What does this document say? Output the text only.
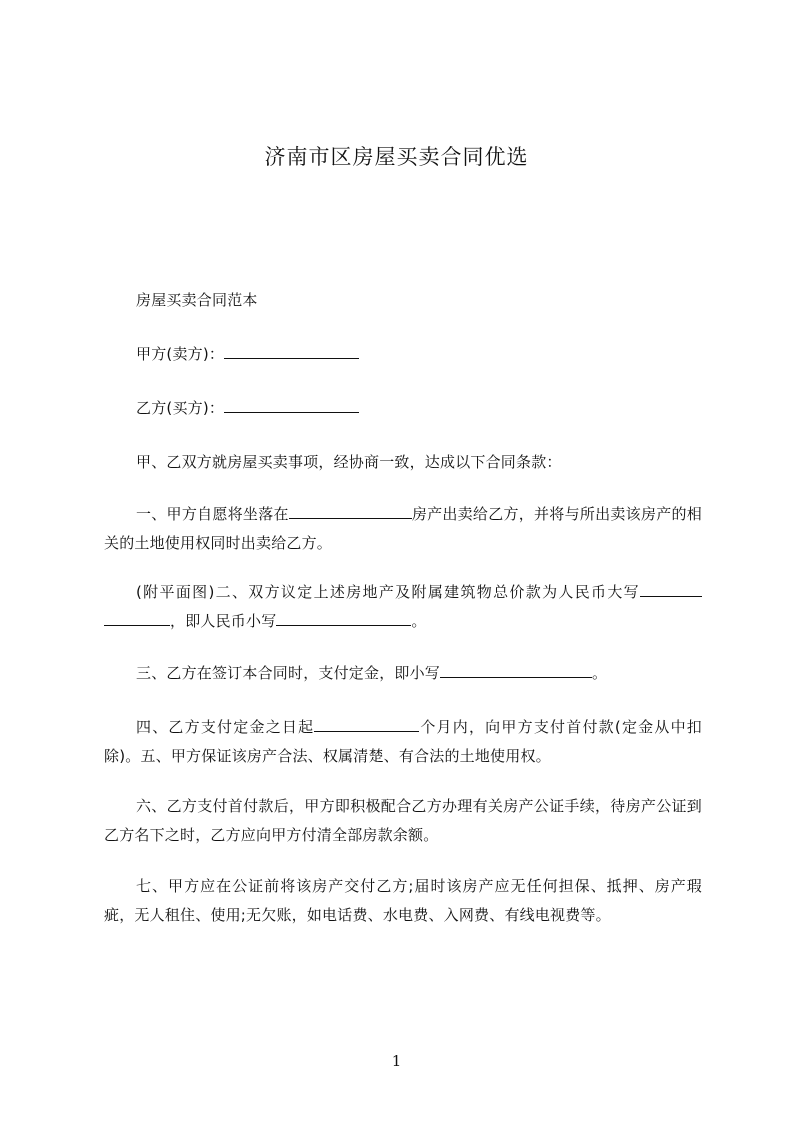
济南市区房屋买卖合同优选
房屋买卖合同范本
甲方(卖方)：
乙方(买方)：
甲、乙双方就房屋买卖事项，经协商一致，达成以下合同条款：
一、甲方自愿将坐落在	房产出卖给乙方，并将与所出卖该房产的相关的土地使用权同时出卖给乙方。
(附平面图)二、双方议定上述房地产及附属建筑物总价款为人民币大写，即人民币小写	。
三、乙方在签订本合同时，支付定金，即小写	。
四、乙方支付定金之日起	个月内，向甲方支付首付款(定金从中扣除)。五、甲方保证该房产合法、权属清楚、有合法的土地使用权。
六、乙方支付首付款后，甲方即积极配合乙方办理有关房产公证手续，待房产公证到乙方名下之时，乙方应向甲方付清全部房款余额。
七、甲方应在公证前将该房产交付乙方;届时该房产应无任何担保、抵押、房产瑕疵，无人租住、使用;无欠账，如电话费、水电费、入网费、有线电视费等。
1
